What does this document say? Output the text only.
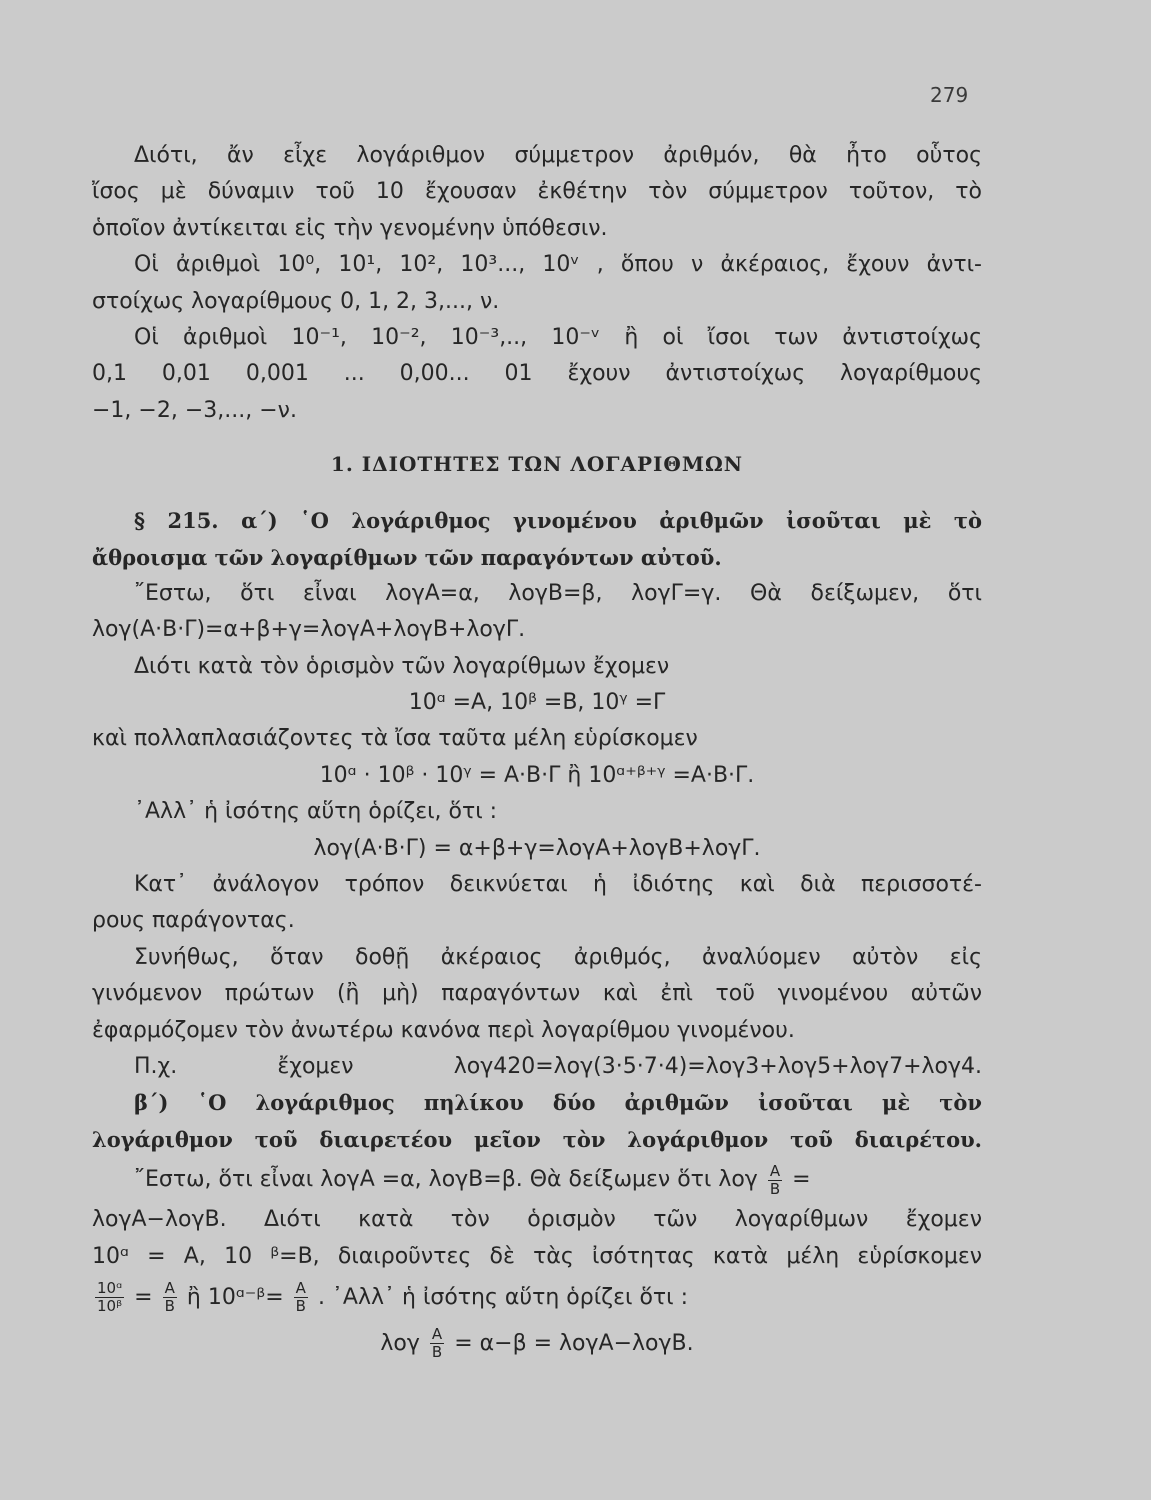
279
Διότι, ἄν εἶχε λογάριθμον σύμμετρον ἀριθμόν, θὰ ἦτο οὗτος
ἴσος μὲ δύναμιν τοῦ 10 ἔχουσαν ἐκθέτην τὸν σύμμετρον τοῦτον, τὸ
ὁποῖον ἀντίκειται εἰς τὴν γενομένην ὑπόθεσιν.
Οἱ ἀριθμοὶ 10⁰, 10¹, 10², 10³..., 10ᵛ , ὅπου ν ἀκέραιος, ἔχουν ἀντι-
στοίχως λογαρίθμους 0, 1, 2, 3,..., ν.
Οἱ ἀριθμοὶ 10⁻¹, 10⁻², 10⁻³,.., 10⁻ᵛ ἢ οἱ ἴσοι των ἀντιστοίχως
0,1 0,01 0,001 ... 0,00... 01 ἔχουν ἀντιστοίχως λογαρίθμους
−1, −2, −3,..., −ν.
1. ΙΔΙΟΤΗΤΕΣ ΤΩΝ ΛΟΓΑΡΙΘΜΩΝ
§ 215. α΄) ῾Ο λογάριθμος γινομένου ἀριθμῶν ἰσοῦται μὲ τὸ
ἄθροισμα τῶν λογαρίθμων τῶν παραγόντων αὐτοῦ.
῎Εστω, ὅτι εἶναι λογΑ=α, λογΒ=β, λογΓ=γ. Θὰ δείξωμεν, ὅτι
λογ(Α·Β·Γ)=α+β+γ=λογΑ+λογΒ+λογΓ.
Διότι κατὰ τὸν ὁρισμὸν τῶν λογαρίθμων ἔχομεν
10ᵅ =Α, 10ᵝ =Β, 10ᵞ =Γ
καὶ πολλαπλασιάζοντες τὰ ἴσα ταῦτα μέλη εὑρίσκομεν
10ᵅ · 10ᵝ · 10ᵞ = Α·Β·Γ ἢ 10ᵅ⁺ᵝ⁺ᵞ =Α·Β·Γ.
᾿Αλλ᾿ ἡ ἰσότης αὕτη ὁρίζει, ὅτι :
λογ(Α·Β·Γ) = α+β+γ=λογΑ+λογΒ+λογΓ.
Κατ᾿ ἀνάλογον τρόπον δεικνύεται ἡ ἰδιότης καὶ διὰ περισσοτέ-
ρους παράγοντας.
Συνήθως, ὅταν δοθῇ ἀκέραιος ἀριθμός, ἀναλύομεν αὐτὸν εἰς
γινόμενον πρώτων (ἢ μὴ) παραγόντων καὶ ἐπὶ τοῦ γινομένου αὐτῶν
ἐφαρμόζομεν τὸν ἀνωτέρω κανόνα περὶ λογαρίθμου γινομένου.
Π.χ. ἔχομεν λογ420=λογ(3·5·7·4)=λογ3+λογ5+λογ7+λογ4.
β΄) ῾Ο λογάριθμος πηλίκου δύο ἀριθμῶν ἰσοῦται μὲ τὸν
λογάριθμον τοῦ διαιρετέου μεῖον τὸν λογάριθμον τοῦ διαιρέτου.
῎Εστω, ὅτι εἶναι λογΑ =α, λογΒ=β. Θὰ δείξωμεν ὅτι λογ $\frac{A}{B}$ =
λογΑ−λογΒ. Διότι κατὰ τὸν ὁρισμὸν τῶν λογαρίθμων ἔχομεν
10ᵅ = Α, 10 ᵝ=Β, διαιροῦντες δὲ τὰς ἰσότητας κατὰ μέλη εὑρίσκομεν
$\frac{\text{10ᵅ}}{\text{10ᵝ}} = \frac{A}{B}$ ἢ 10ᵅ⁻ᵝ= $\frac{A}{B}$ . ᾿Αλλ᾿ ἡ ἰσότης αὕτη ὁρίζει ὅτι :
λογ $\frac{A}{B} = \alpha-\beta = \lambda o\gamma A-\lambda o\gamma B$.
